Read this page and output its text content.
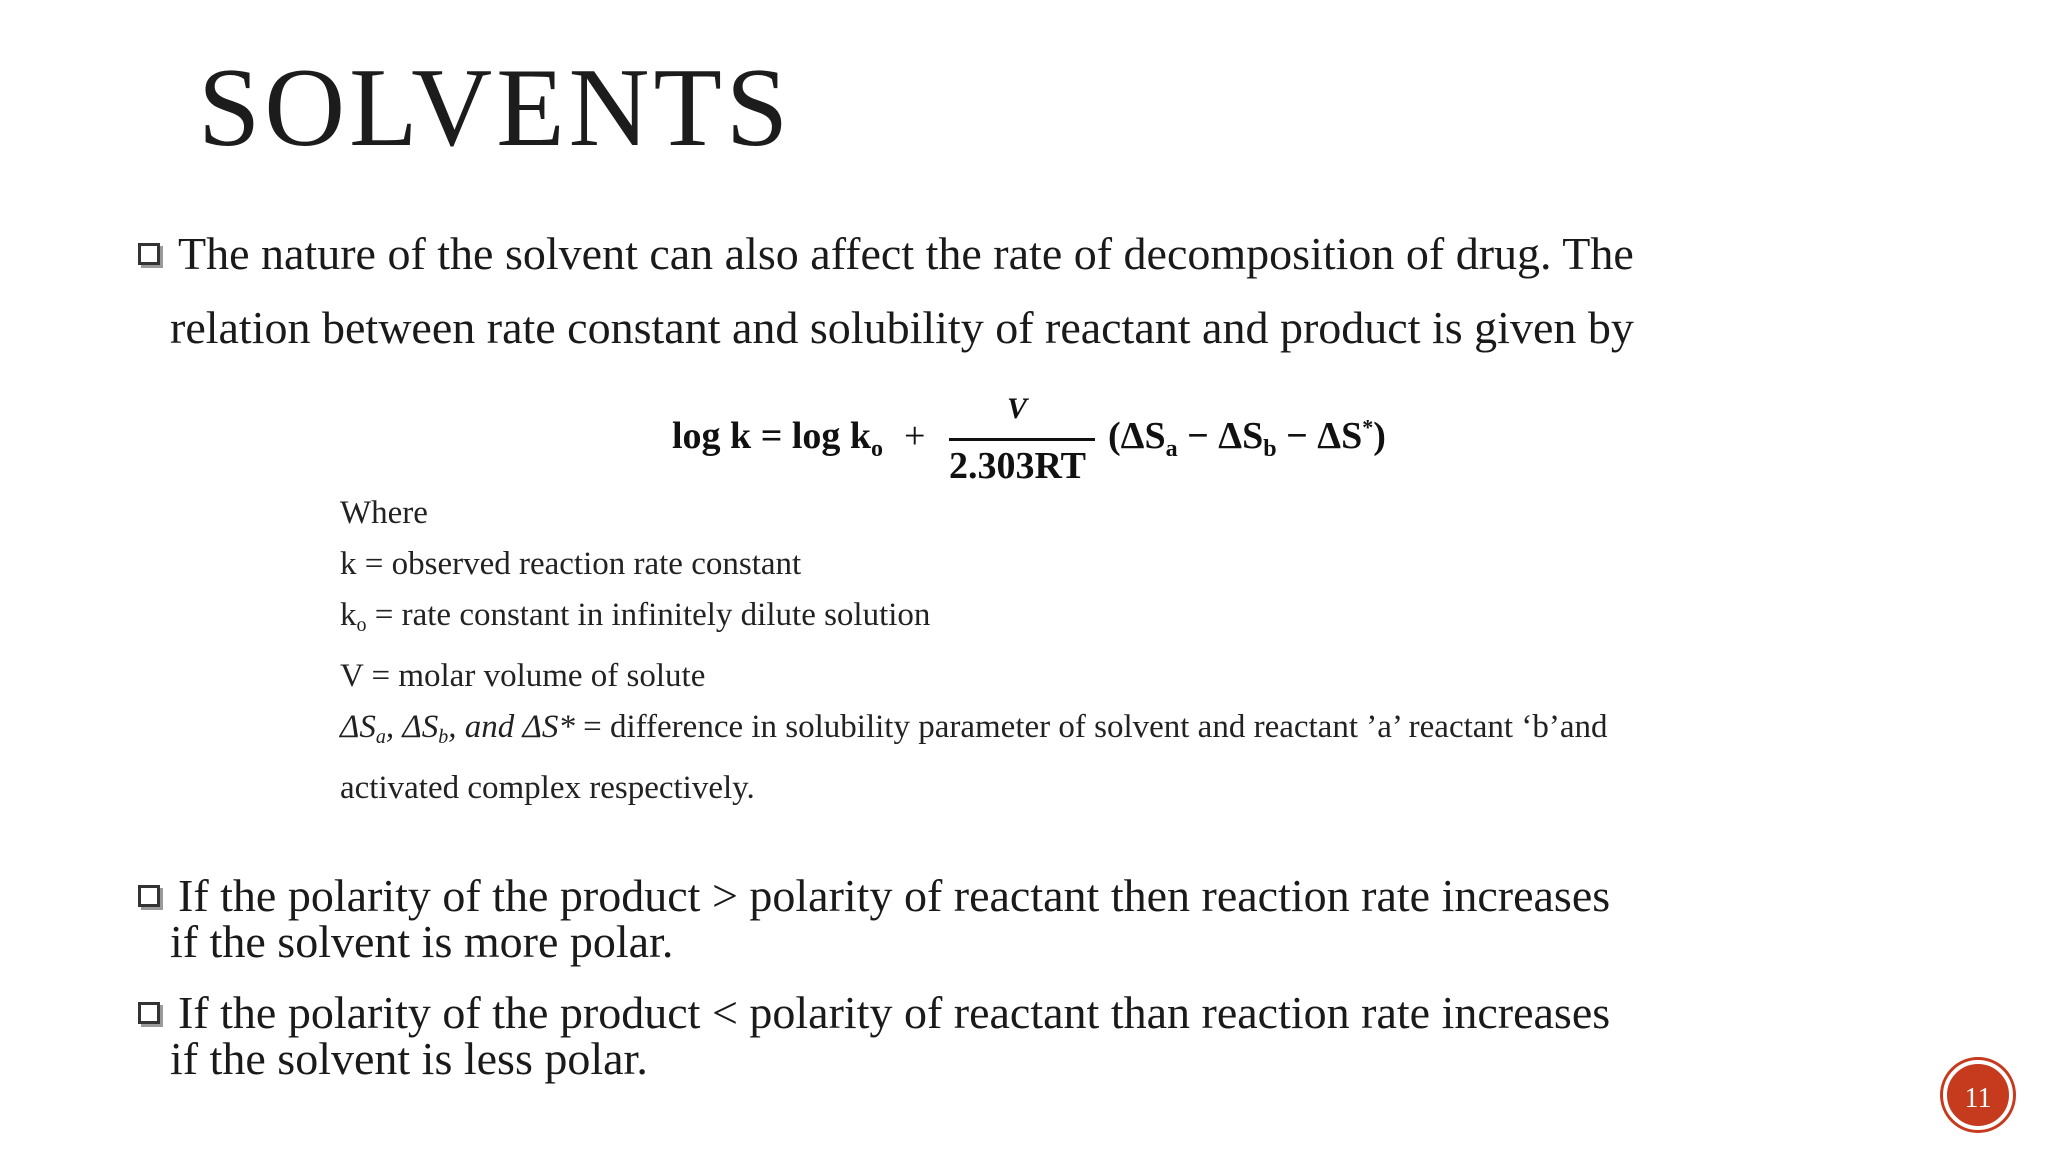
SOLVENTS
The nature of the solvent can also affect the rate of decomposition of drug. The
relation between rate constant and solubility of reactant and product is given by
$\log k = \log k_o$ +
V
2.303RT
$(\Delta S_a - \Delta S_b - \Delta S^*)$
Where
k = observed reaction rate constant
$k_o$ = rate constant in infinitely dilute solution
V = molar volume of solute
$\Delta S_a$, $\Delta S_b$, and ΔS* = difference in solubility parameter of solvent and reactant ’a’ reactant ‘b’and
activated complex respectively.
If the polarity of the product > polarity of reactant then reaction rate increases
if the solvent is more polar.
If the polarity of the product < polarity of reactant than reaction rate increases
if the solvent is less polar.
11
